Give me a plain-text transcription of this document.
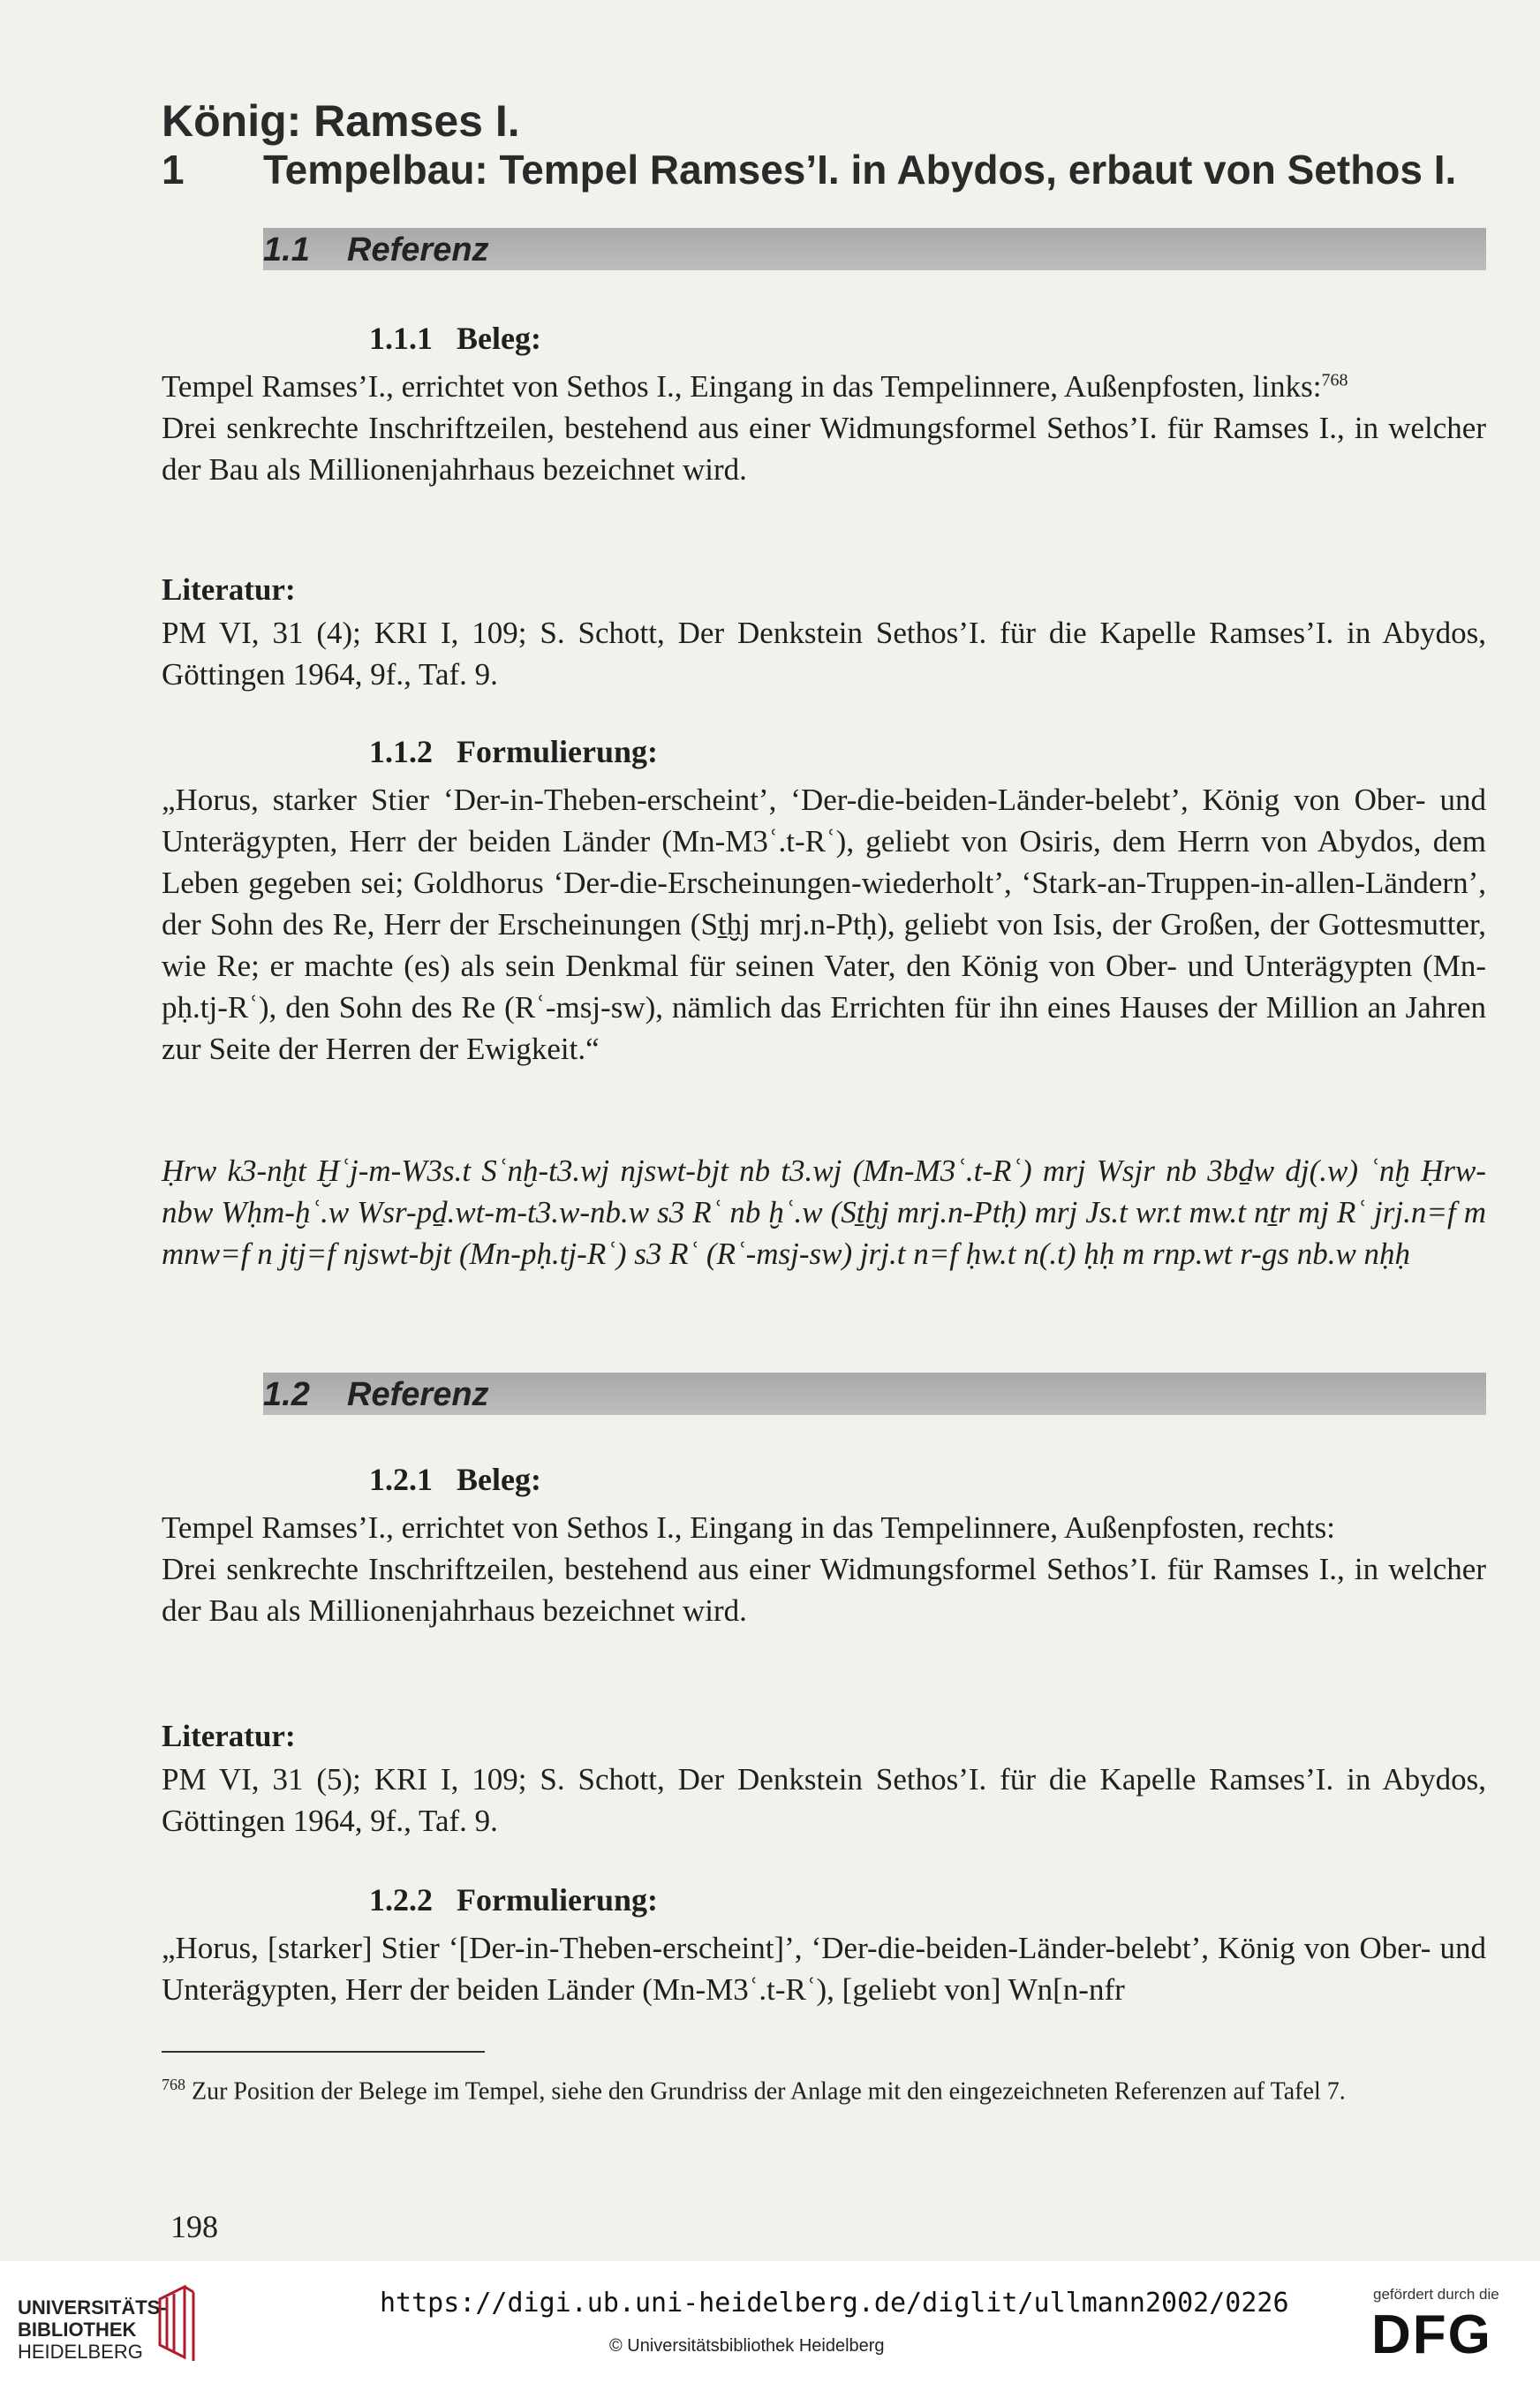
König: Ramses I.
1 Tempelbau: Tempel Ramses’I. in Abydos, erbaut von Sethos I.
1.1    Referenz
1.1.1   Beleg:
Tempel Ramses’I., errichtet von Sethos I., Eingang in das Tempelinnere, Außenpfosten, links:$^{768}$
Drei senkrechte Inschriftzeilen, bestehend aus einer Widmungsformel Sethos’I. für Ramses I., in welcher der Bau als Millionenjahrhaus bezeichnet wird.
Literatur:
PM VI, 31 (4); KRI I, 109; S. Schott, Der Denkstein Sethos’I. für die Kapelle Ramses’I. in Abydos, Göttingen 1964, 9f., Taf. 9.
1.1.2   Formulierung:
„Horus, starker Stier ‘Der-in-Theben-erscheint’, ‘Der-die-beiden-Länder-belebt’, König von Ober- und Unterägypten, Herr der beiden Länder (Mn-M3ʿ.t-Rʿ), geliebt von Osiris, dem Herrn von Abydos, dem Leben gegeben sei; Goldhorus ‘Der-die-Erscheinungen-wiederholt’, ‘Stark-an-Truppen-in-allen-Ländern’, der Sohn des Re, Herr der Erscheinungen (Sṯḫj mrj.n-Ptḥ), geliebt von Isis, der Großen, der Gottesmutter, wie Re; er machte (es) als sein Denkmal für seinen Vater, den König von Ober- und Unterägypten (Mn-pḥ.tj-Rʿ), den Sohn des Re (Rʿ-msj-sw), nämlich das Errichten für ihn eines Hauses der Million an Jahren zur Seite der Herren der Ewigkeit.“
Ḥrw k3-nḫt Ḫʿj-m-W3s.t Sʿnḫ-t3.wj njswt-bjt nb t3.wj (Mn-M3ʿ.t-Rʿ) mrj Wsjr nb 3bḏw dj(.w) ʿnḫ Ḥrw-nbw Wḥm-ḫʿ.w Wsr-pḏ.wt-m-t3.w-nb.w s3 Rʿ nb ḫʿ.w (Sṯḫj mrj.n-Ptḥ) mrj Js.t wr.t mw.t nṯr mj Rʿ jrj.n=f m mnw=f n jtj=f njswt-bjt (Mn-pḥ.tj-Rʿ) s3 Rʿ (Rʿ-msj-sw) jrj.t n=f ḥw.t n(.t) ḥḥ m rnp.wt r-gs nb.w nḥḥ
1.2    Referenz
1.2.1   Beleg:
Tempel Ramses’I., errichtet von Sethos I., Eingang in das Tempelinnere, Außenpfosten, rechts:
Drei senkrechte Inschriftzeilen, bestehend aus einer Widmungsformel Sethos’I. für Ramses I., in welcher der Bau als Millionenjahrhaus bezeichnet wird.
Literatur:
PM VI, 31 (5); KRI I, 109; S. Schott, Der Denkstein Sethos’I. für die Kapelle Ramses’I. in Abydos, Göttingen 1964, 9f., Taf. 9.
1.2.2   Formulierung:
„Horus, [starker] Stier ‘[Der-in-Theben-erscheint]’, ‘Der-die-beiden-Länder-belebt’, König von Ober- und Unterägypten, Herr der beiden Länder (Mn-M3ʿ.t-Rʿ), [geliebt von] Wn[n-nfr
$^{768}$ Zur Position der Belege im Tempel, siehe den Grundriss der Anlage mit den eingezeichneten Referenzen auf Tafel 7.
198
UNIVERSITÄTS-
BIBLIOTHEK
HEIDELBERG
https://digi.ub.uni-heidelberg.de/diglit/ullmann2002/0226
© Universitätsbibliothek Heidelberg
gefördert durch die
DFG
